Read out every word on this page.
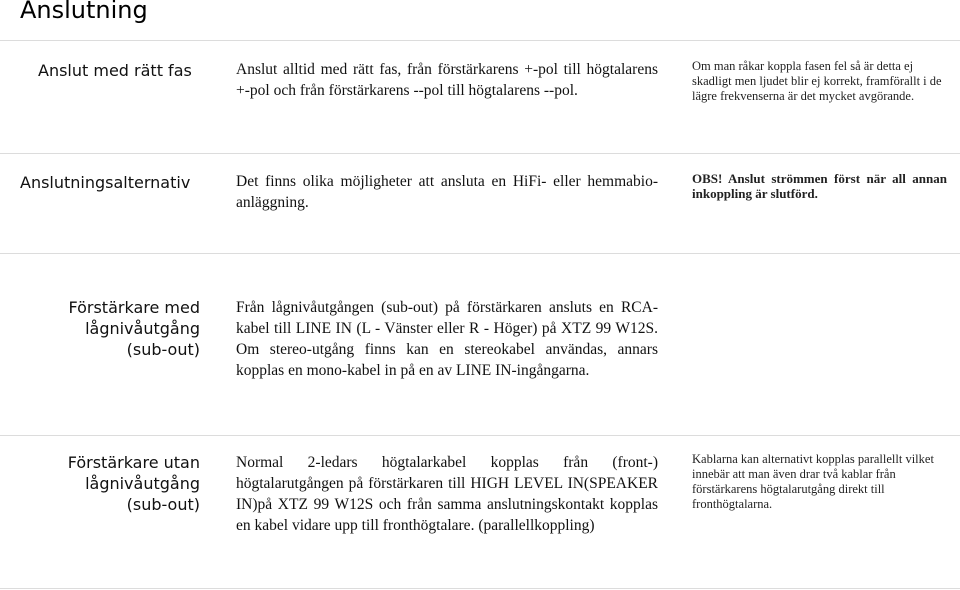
Anslutning
Anslut med rätt fas	Anslut alltid med rätt fas, från förstärkarens +-pol till högtalarens +-pol och från förstärkarens --pol till högtalarens --pol.
Om man råkar koppla fasen fel så är detta ej skadligt men ljudet blir ej korrekt, framförallt i de lägre frekvenserna är det mycket avgörande.
Anslutningsalternativ	Det finns olika möjligheter att ansluta en HiFi- eller hemmabio-anläggning.
OBS! Anslut strömmen först när all annan inkoppling är slutförd.
Förstärkare med lågnivåutgång (sub-out)
Från lågnivåutgången (sub-out) på förstärkaren ansluts en RCA-kabel till LINE IN (L - Vänster eller R - Höger) på XTZ 99 W12S. Om stereo-utgång finns kan en stereokabel användas, annars kopplas en mono-kabel in på en av LINE IN-ingångarna.
Förstärkare utan lågnivåutgång (sub-out)
Normal 2-ledars högtalarkabel kopplas från (front-) högtalarutgången på förstärkaren till HIGH LEVEL IN(SPEAKER IN)på XTZ 99 W12S och från samma anslutningskontakt kopplas en kabel vidare upp till fronthögtalare. (parallellkoppling)
Kablarna kan alternativt kopplas parallellt vilket innebär att man även drar två kablar från förstärkarens högtalarutgång direkt till fronthögtalarna.
